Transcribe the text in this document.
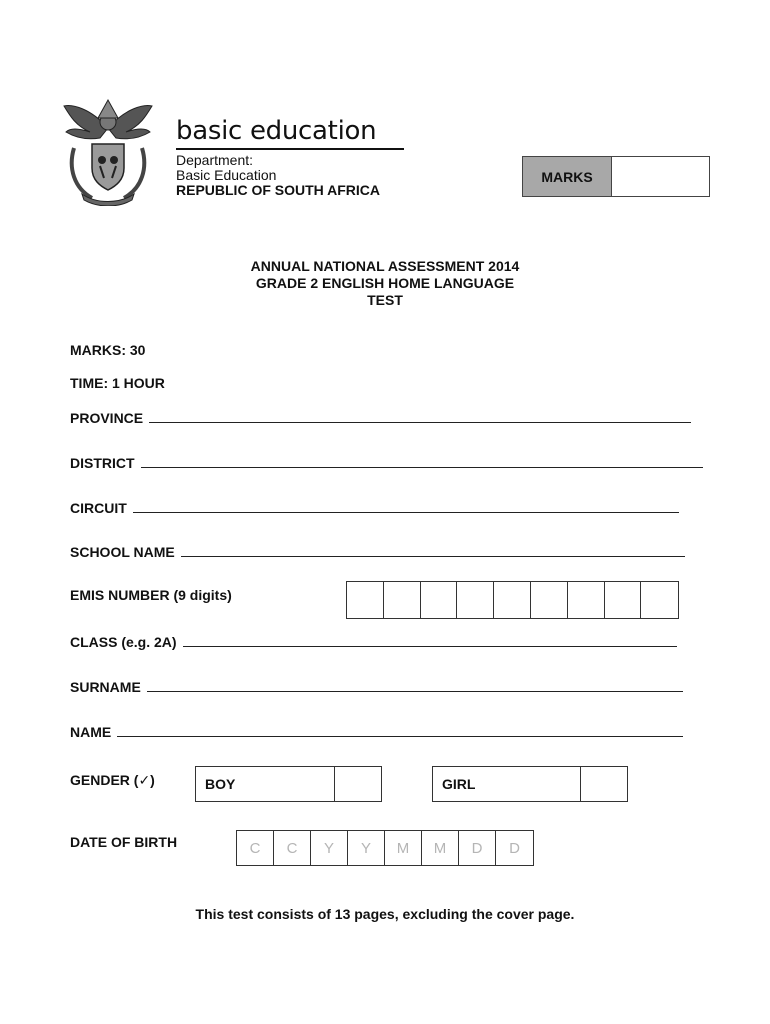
basic education
Department:
Basic Education
REPUBLIC OF SOUTH AFRICA
MARKS
ANNUAL NATIONAL ASSESSMENT 2014
GRADE 2 ENGLISH HOME LANGUAGE
TEST
MARKS: 30
TIME: 1 HOUR
PROVINCE
DISTRICT
CIRCUIT
SCHOOL NAME
EMIS NUMBER (9 digits)
CLASS (e.g. 2A)
SURNAME
NAME
GENDER (✓)	BOY	GIRL
DATE OF BIRTH	C	C	Y	Y	M	M	D	D
This test consists of 13 pages, excluding the cover page.
